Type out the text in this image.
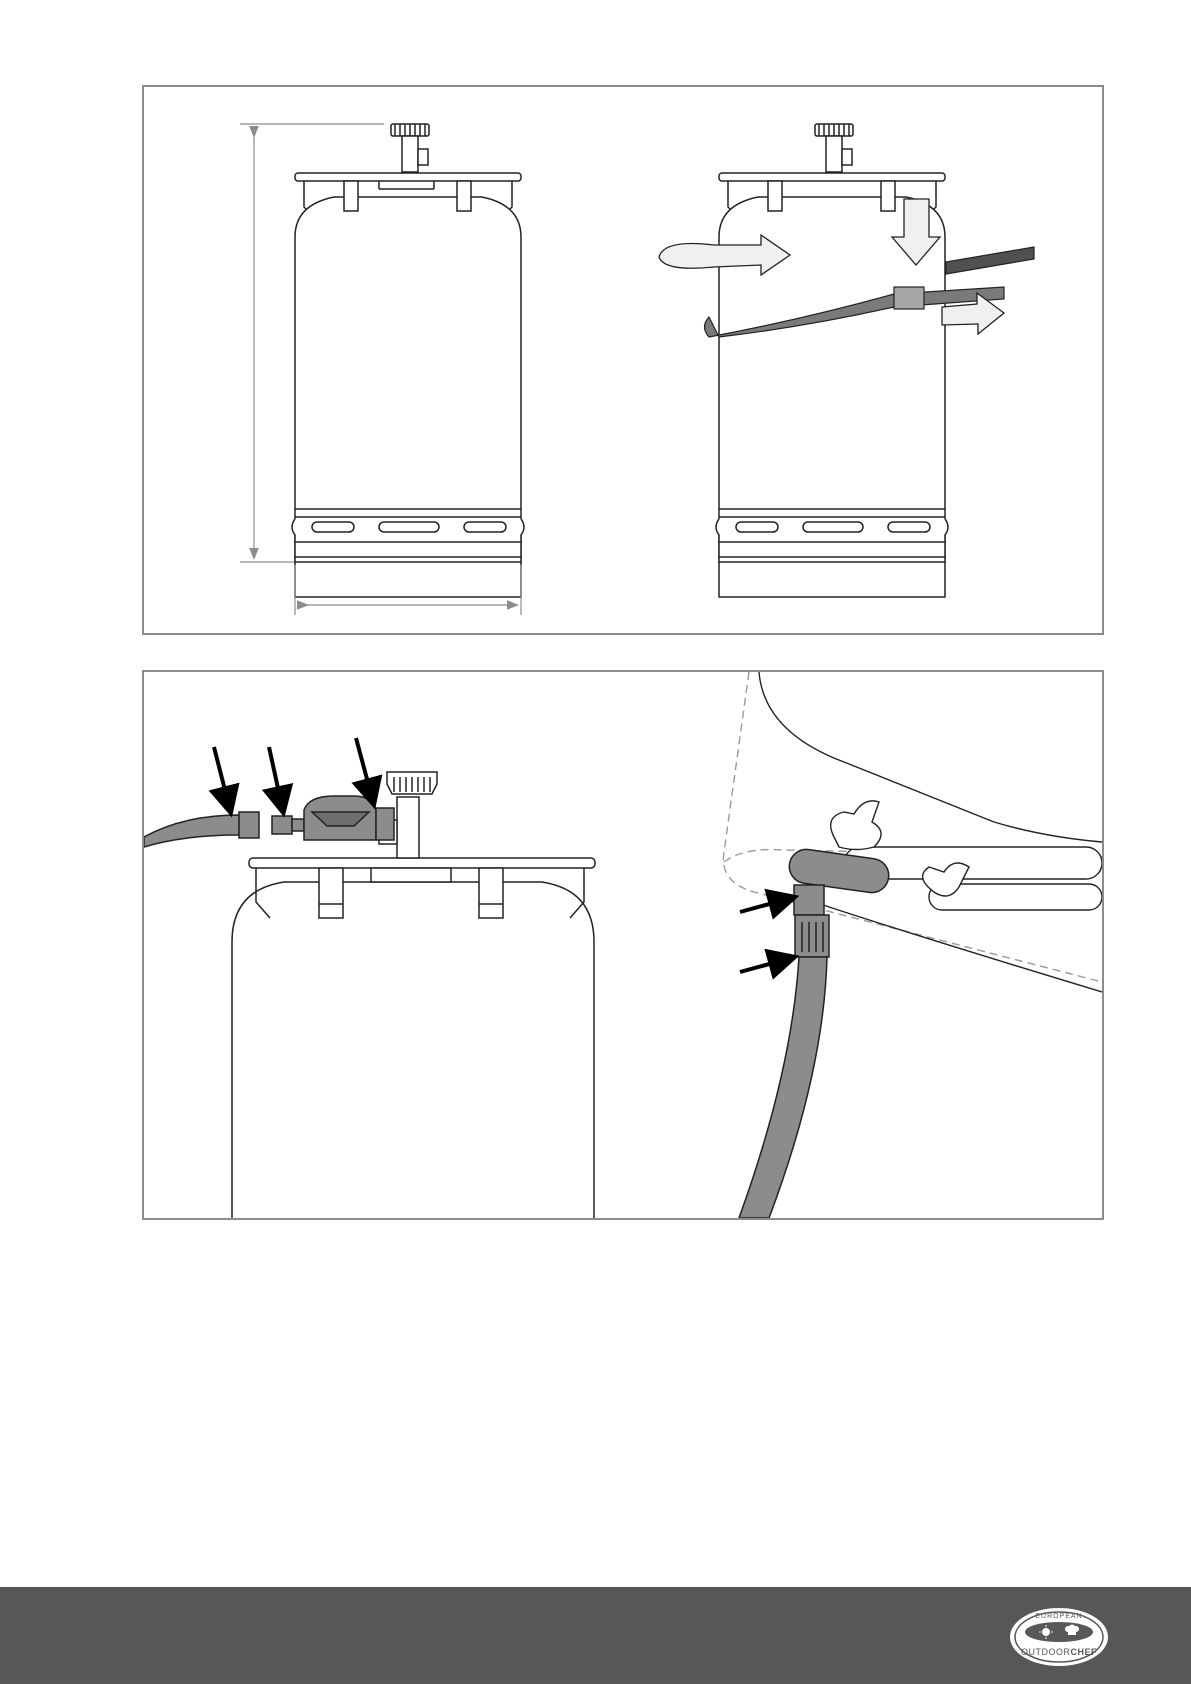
EUROPEAN
OUTDOORCHEF
